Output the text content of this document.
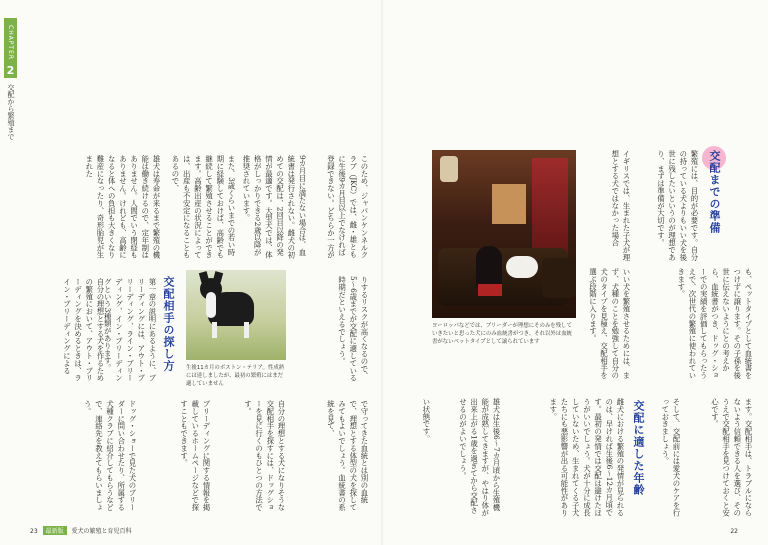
CHAPTER
2
交配から繁殖まで
このため、ジャパンケンネルクラブ（JKC）では、雌・雄ともに生後9カ月目以上でなければ登録できない。どちらか一方が
9カ月目に満たない場合は、血統書は発行されない。雌犬の初めての交配は、2回目以降の発情が最適です。大型犬では、体格がしっかりできる2歳以降が推奨されています。
また、3歳くらいまでの若い時期に経験しておけば、高齢でも継続して繁殖させることができます。高齢出産の状況によっては、出産も不安定になることもあるので、
雄犬は寿命が来るまで繁殖の機能は働き続けるので、定年制はありません。人間でいう閉経もありません。けれども、高齢になると体への負担も大きくなり難産になったり、奇形胎児が生まれた
生後11カ月のボストン・テリア。性成熟には達しましたが、最初の繁殖にはまだ適していません
交配相手の探し方	りするリスクが高くなるので、5〜6歳までが交配に適している時期だといえるでしょう。
第一章の説明にあるように、ブリーディングには、アウト・ブリーディング、ライン・ブリーディング、イン・ブリーディングという3種類があります。
自分の理想とする犬を作るための繁殖において、アウト・ブリーディングを決めるときは、ライン・ブリーディングによる
で守ってきた血統とは別の血統で、理想とする体型の犬を探してみてもよいでしょう。血統書の系統を見て、
自分の理想とする犬になりそうな交配相手を探すには、ドッグショーを見に行くのもひとつの方法です。
ブリーディングに関する情報を掲載しているホームページなどで探すこともできます。
ドッグ・ショーで見た犬のブリーダーに問い合わせたり、所属する犬種クラブに紹介してもらうなどで、連絡先を教えてもらいましょう。
23 最新版 愛犬の繁殖と育児百科
交配までの準備
繁殖には、目的が必要です。自分の持っている犬よりもいい犬を後世に残したいというのが理想であり、まずは準備が大切です。
イギリスでは、生まれた子犬が理想とする犬ではなかった場合
ヨーロッパなどでは、ブリーダーが理想にそのみを残していきたいと思った犬にのみ血統書がつき、それ以外は血統書がないペットタイプとして譲られています	も、ペットタイプとして血統書をつけずに譲ります。その子孫を後世に伝えないようにとの考えから、血統書がつき、ドッグ・ショーでの実績を評価してもらったうえで、次世代の繁殖に使われていきます。
いい犬を繁殖させるためには、まず、犬種のことを勉強して自分の犬のタイプを見極え、交配相手を選ぶ段階に入ります。
ます。交配相手は、トラブルにならないよう信頼できる人を選び、そのうえで交配相手を見つけておくと安心です。
そして、交配前には愛犬のケアを行っておきましょう。
交配に適した年齢
雌犬における繁殖の発情が見られるのは、早ければ生後6〜12カ月頃です。最初の発情では交配は避けたほうがいいでしょう。犬が十分に成長していないため、生まれてくる子犬たちにも悪影響が出る可能性があります。
雄犬は生後6〜7カ月頃から生殖機能が成熟してきますが、やはり体が出来上がる1歳を過ぎてから交配させるのがよいでしょう。
い状態です。
22
